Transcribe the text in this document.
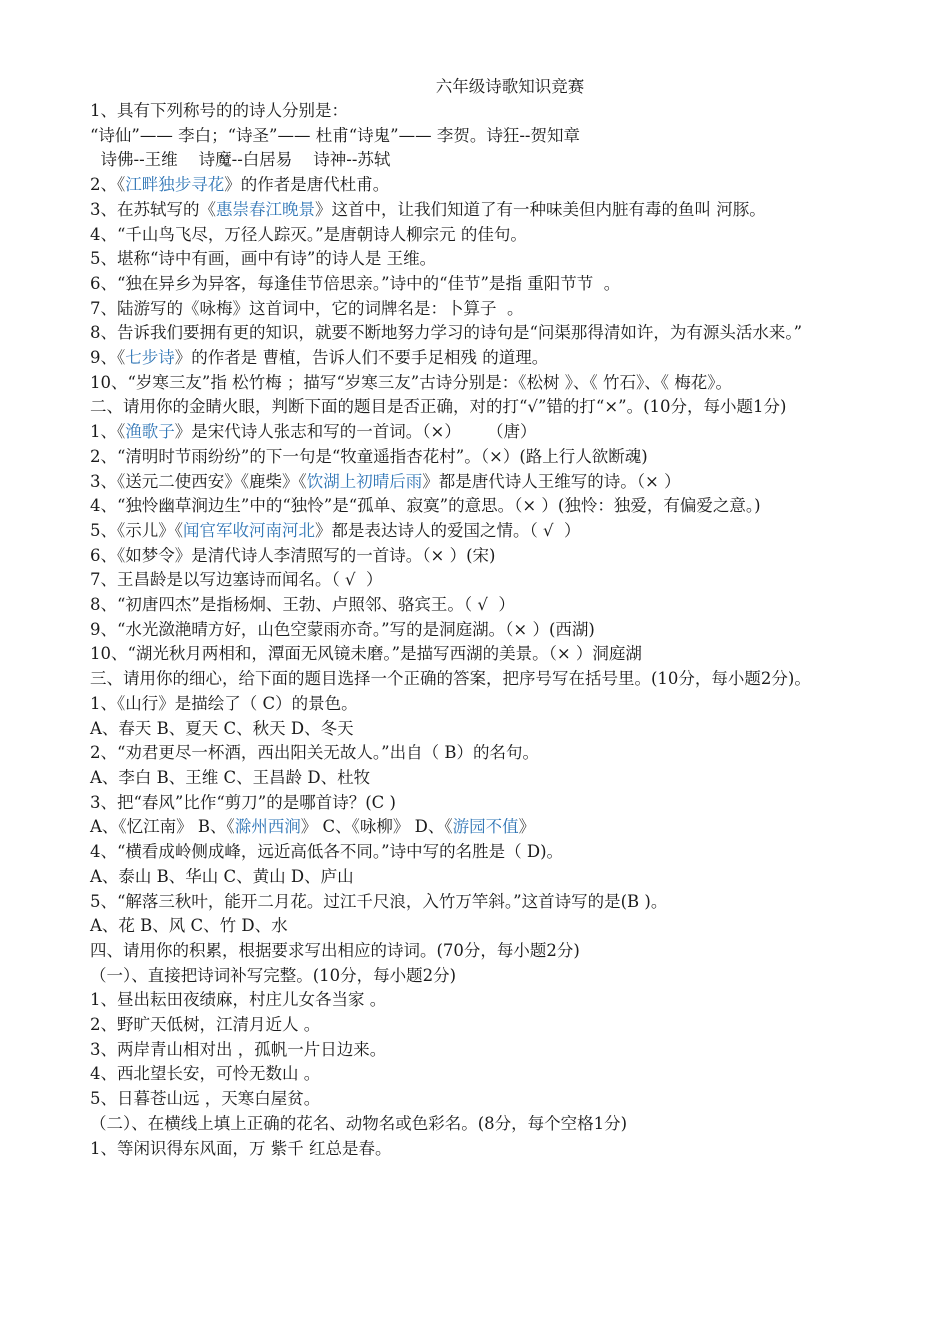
六年级诗歌知识竞赛
1、具有下列称号的的诗人分别是：
“诗仙”—— 李白；“诗圣”—— 杜甫“诗鬼”—— 李贺。诗狂--贺知章
诗佛--王维    诗魔--白居易    诗神--苏轼
2、《江畔独步寻花》的作者是唐代杜甫。
3、在苏轼写的《惠崇春江晚景》这首中，让我们知道了有一种味美但内脏有毒的鱼叫 河豚。
4、“千山鸟飞尽，万径人踪灭。”是唐朝诗人柳宗元 的佳句。
5、堪称“诗中有画，画中有诗”的诗人是 王维。
6、“独在异乡为异客，每逢佳节倍思亲。”诗中的“佳节”是指 重阳节节  。
7、陆游写的《咏梅》这首词中，它的词牌名是：卜算子  。
8、告诉我们要拥有更的知识，就要不断地努力学习的诗句是“问渠那得清如许，为有源头活水来。”
9、《七步诗》的作者是 曹植，告诉人们不要手足相残 的道理。
10、“岁寒三友”指 松竹梅 ；描写“岁寒三友”古诗分别是：《松树 》、《 竹石》、《 梅花》。
二、请用你的金睛火眼，判断下面的题目是否正确，对的打“√”错的打“×”。(10分，每小题1分)
1、《渔歌子》是宋代诗人张志和写的一首词。（×）     （唐）
2、“清明时节雨纷纷”的下一句是“牧童遥指杏花村”。（×）(路上行人欲断魂)
3、《送元二使西安》《鹿柴》《饮湖上初晴后雨》都是唐代诗人王维写的诗。（× ）
4、“独怜幽草涧边生”中的“独怜”是“孤单、寂寞”的意思。（× ）(独怜：独爱，有偏爱之意。)
5、《示儿》《闻官军收河南河北》都是表达诗人的爱国之情。（ √  ）
6、《如梦令》是清代诗人李清照写的一首诗。（× ）(宋)
7、王昌龄是以写边塞诗而闻名。（ √  ）
8、“初唐四杰”是指杨炯、王勃、卢照邻、骆宾王。（ √  ）
9、“水光潋滟晴方好，山色空蒙雨亦奇。”写的是洞庭湖。（× ）(西湖)
10、“湖光秋月两相和，潭面无风镜未磨。”是描写西湖的美景。（× ）洞庭湖
三、请用你的细心，给下面的题目选择一个正确的答案，把序号写在括号里。(10分，每小题2分)。
1、《山行》是描绘了（ C）的景色。
A、春天 B、夏天 C、秋天 D、冬天
2、“劝君更尽一杯酒，西出阳关无故人。”出自（ B）的名句。
A、李白 B、王维 C、王昌龄 D、杜牧
3、把“春风”比作“剪刀”的是哪首诗？(C )
A、《忆江南》 B、《滁州西涧》 C、《咏柳》 D、《游园不值》
4、“横看成岭侧成峰，远近高低各不同。”诗中写的名胜是（ D)。
A、泰山 B、华山 C、黄山 D、庐山
5、“解落三秋叶，能开二月花。过江千尺浪，入竹万竿斜。”这首诗写的是(B )。
A、花 B、风 C、竹 D、水
四、请用你的积累，根据要求写出相应的诗词。(70分，每小题2分)
（一）、直接把诗词补写完整。(10分，每小题2分)
1、昼出耘田夜绩麻，村庄儿女各当家 。
2、野旷天低树，江清月近人 。
3、两岸青山相对出 ，孤帆一片日边来。
4、西北望长安，可怜无数山 。
5、日暮苍山远 ，天寒白屋贫。
（二）、在横线上填上正确的花名、动物名或色彩名。(8分，每个空格1分)
1、等闲识得东风面，万 紫千 红总是春。
